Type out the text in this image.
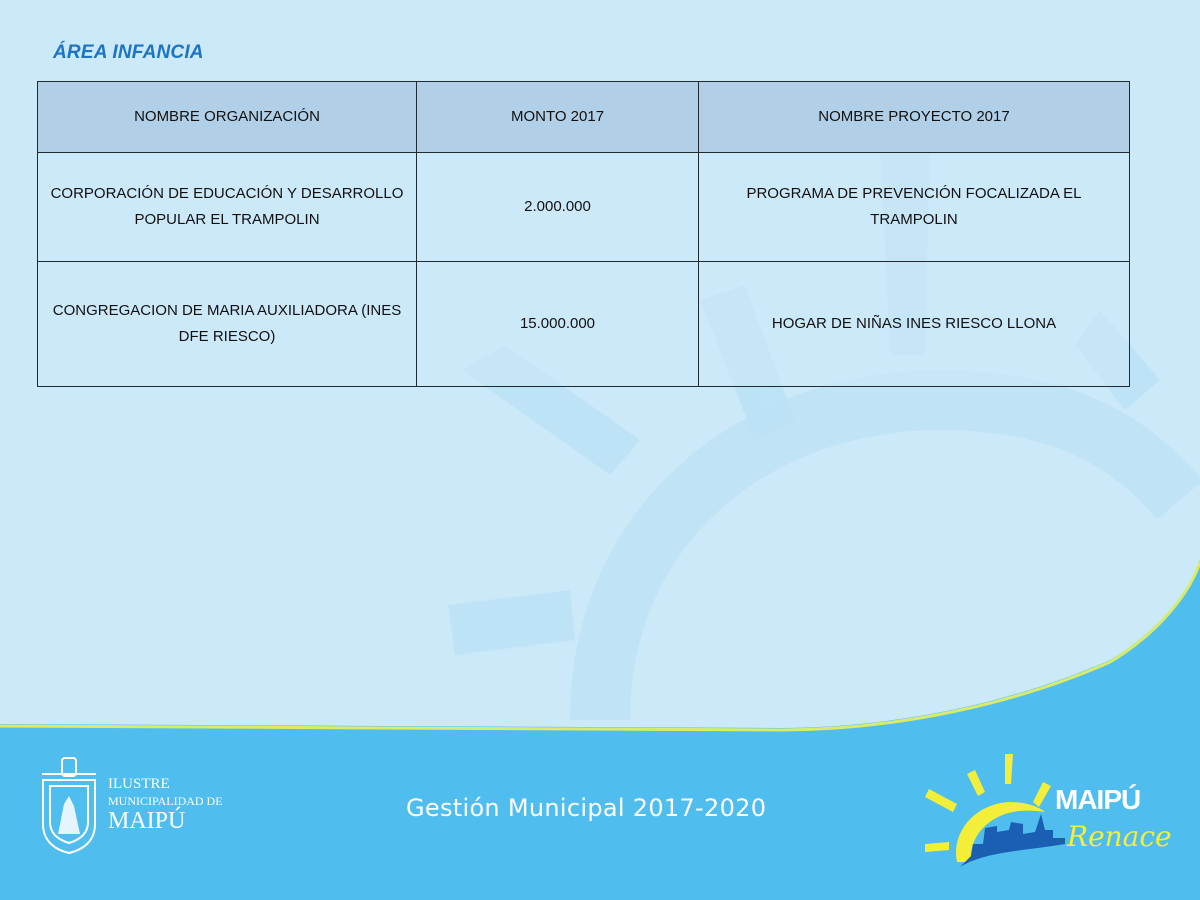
ÁREA INFANCIA
NOMBRE ORGANIZACIÓN	MONTO 2017	NOMBRE PROYECTO 2017
CORPORACIÓN DE EDUCACIÓN Y DESARROLLO POPULAR EL TRAMPOLIN	2.000.000	PROGRAMA DE PREVENCIÓN FOCALIZADA EL TRAMPOLIN
CONGREGACION DE MARIA AUXILIADORA (INES DFE RIESCO)	15.000.000	HOGAR DE NIÑAS INES RIESCO LLONA
ILUSTRE
MUNICIPALIDAD DE
MAIPÚ	Gestión Municipal 2017-2020	MAIPÚ
Renace
